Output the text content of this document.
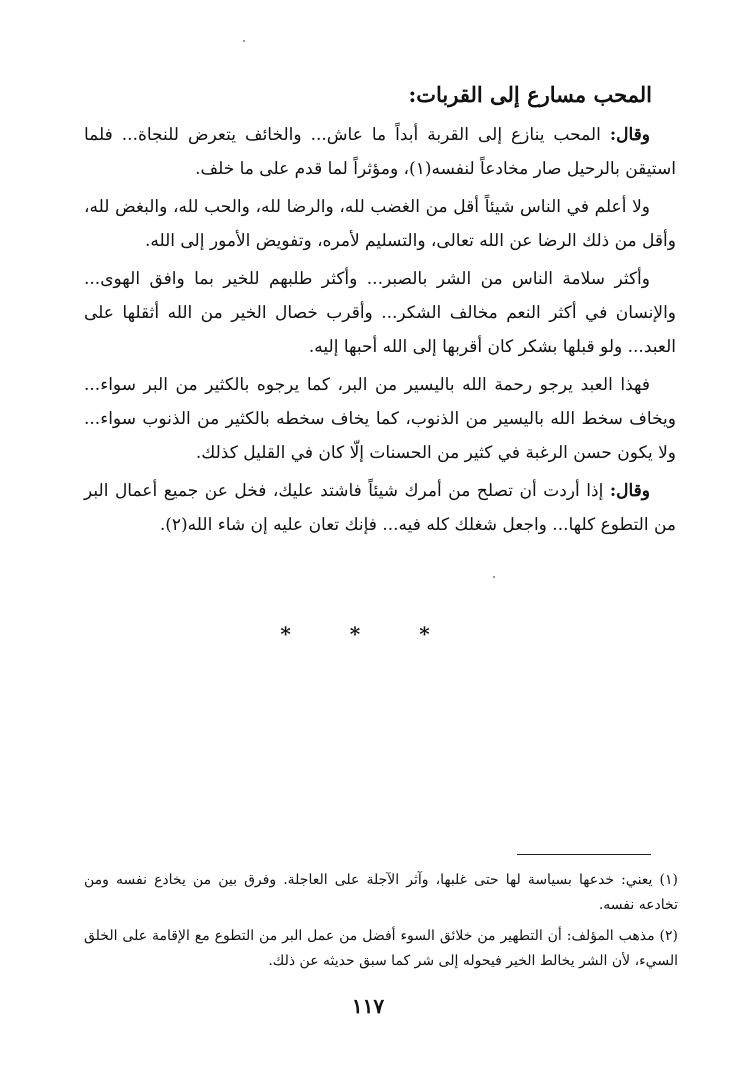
المحب مسارع إلى القربات:

وقال: المحب ينازع إلى القربة أبداً ما عاش... والخائف يتعرض للنجاة... فلما استيقن بالرحيل صار مخادعاً لنفسه(١)، ومؤثراً لما قدم على ما خلف.

ولا أعلم في الناس شيئاً أقل من الغضب لله، والرضا لله، والحب لله، والبغض لله، وأقل من ذلك الرضا عن الله تعالى، والتسليم لأمره، وتفويض الأمور إلى الله.

وأكثر سلامة الناس من الشر بالصبر... وأكثر طلبهم للخير بما وافق الهوى... والإنسان في أكثر النعم مخالف الشكر... وأقرب خصال الخير من الله أثقلها على العبد... ولو قبلها بشكر كان أقربها إلى الله أحبها إليه.

فهذا العبد يرجو رحمة الله باليسير من البر، كما يرجوه بالكثير من البر سواء... ويخاف سخط الله باليسير من الذنوب، كما يخاف سخطه بالكثير من الذنوب سواء... ولا يكون حسن الرغبة في كثير من الحسنات إلّا كان في القليل كذلك.

وقال: إذا أردت أن تصلح من أمرك شيئاً فاشتد عليك، فخل عن جميع أعمال البر من التطوع كلها... واجعل شغلك كله فيه... فإنك تعان عليه إن شاء الله(٢).

* * *

(١) يعني: خدعها بسياسة لها حتى غلبها، وآثر الآجلة على العاجلة. وفرق بين من يخادع نفسه ومن تخادعه نفسه.

(٢) مذهب المؤلف: أن التطهير من خلائق السوء أفضل من عمل البر من التطوع مع الإقامة على الخلق السيء، لأن الشر يخالط الخير فيحوله إلى شر كما سبق حديثه عن ذلك.

١١٧
